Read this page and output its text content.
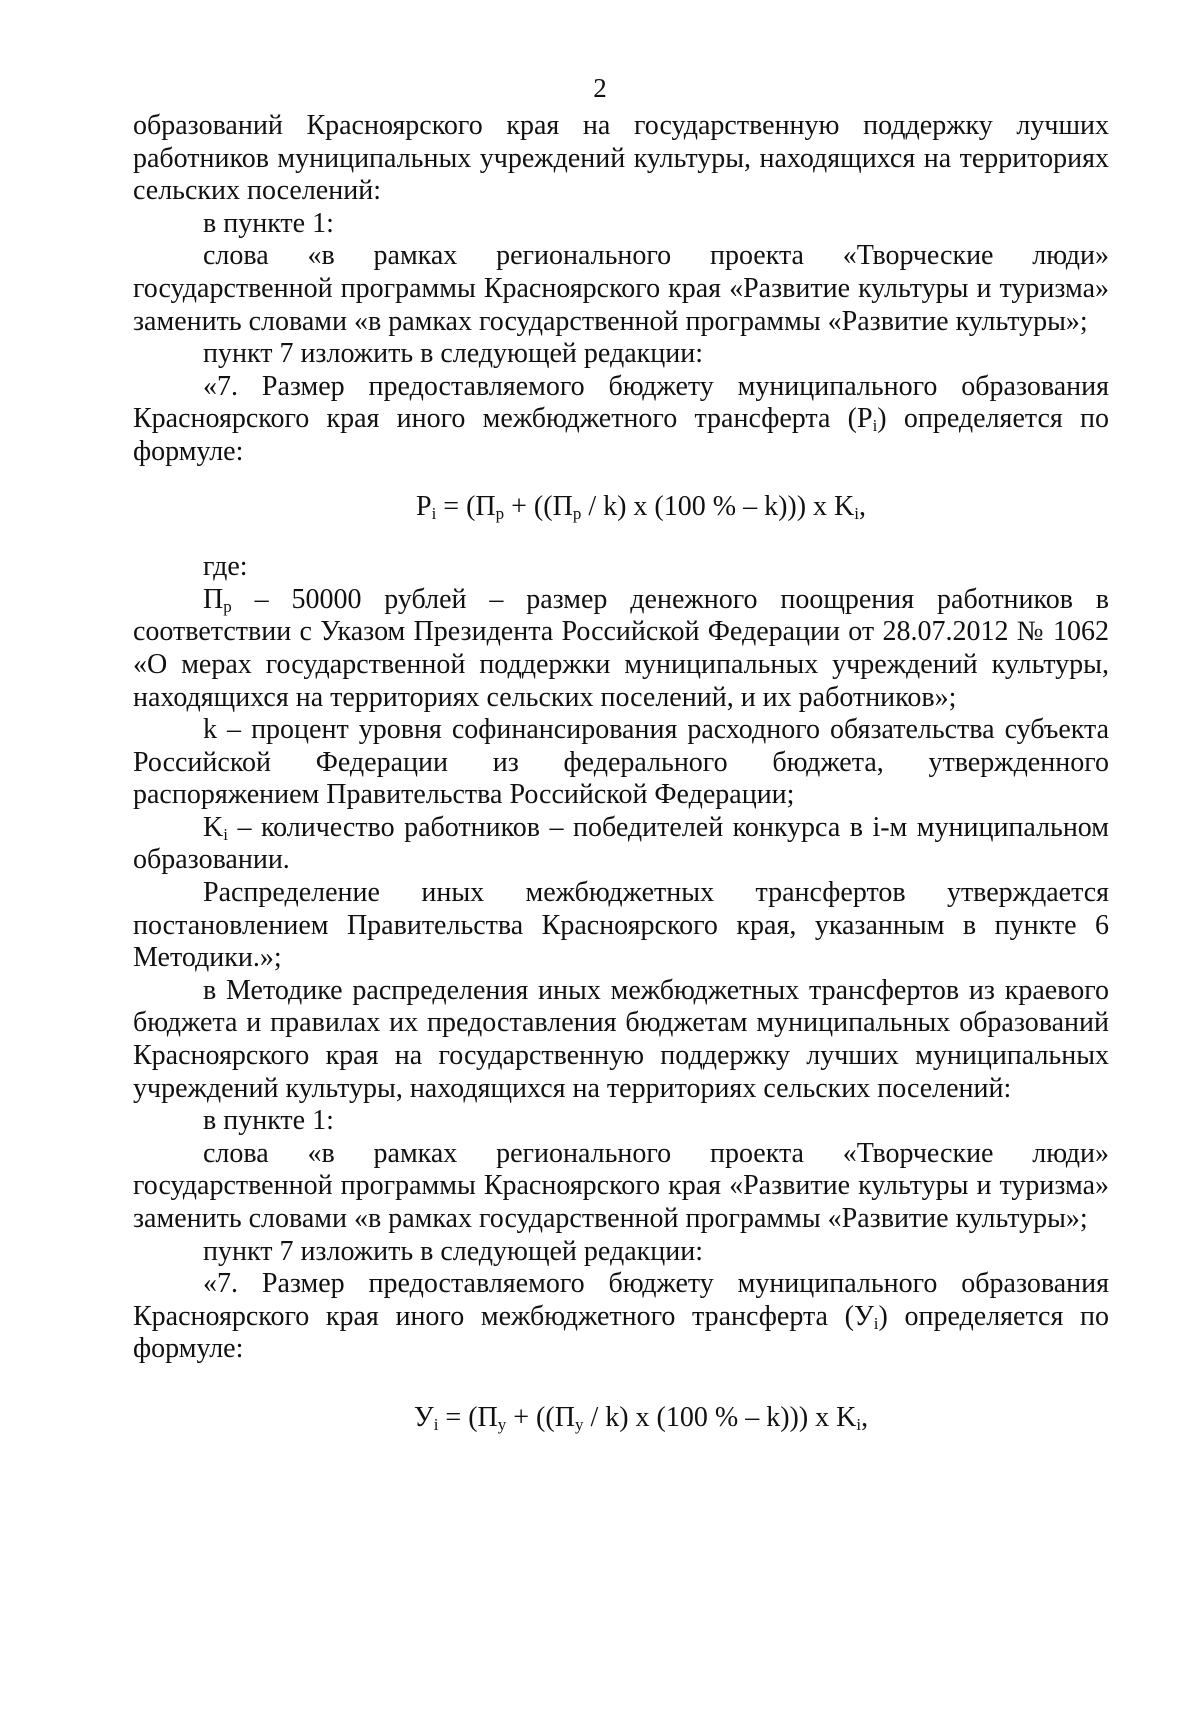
2

образований Красноярского края на государственную поддержку лучших работников муниципальных учреждений культуры, находящихся на территориях сельских поселений:

в пункте 1:

слова «в рамках регионального проекта «Творческие люди» государственной программы Красноярского края «Развитие культуры и туризма» заменить словами «в рамках государственной программы «Развитие культуры»;

пункт 7 изложить в следующей редакции:

«7. Размер предоставляемого бюджету муниципального образования Красноярского края иного межбюджетного трансферта $(P_i)$ определяется по формуле:

$P_i = (П_р + ((П_р / k)$ x (100 % – k))) x $K_i$,

где:

$П_р - 50000$ рублей – размер денежного поощрения работников в соответствии с Указом Президента Российской Федерации от 28.07.2012 № 1062 «О мерах государственной поддержки муниципальных учреждений культуры, находящихся на территориях сельских поселений, и их работников»;

k – процент уровня софинансирования расходного обязательства субъекта Российской Федерации из федерального бюджета, утвержденного распоряжением Правительства Российской Федерации;

$K_i$ – количество работников – победителей конкурса в i-м муниципальном образовании.

Распределение иных межбюджетных трансфертов утверждается постановлением Правительства Красноярского края, указанным в пункте 6 Методики.»;

в Методике распределения иных межбюджетных трансфертов из краевого бюджета и правилах их предоставления бюджетам муниципальных образований Красноярского края на государственную поддержку лучших муниципальных учреждений культуры, находящихся на территориях сельских поселений:

в пункте 1:

слова «в рамках регионального проекта «Творческие люди» государственной программы Красноярского края «Развитие культуры и туризма» заменить словами «в рамках государственной программы «Развитие культуры»;

пункт 7 изложить в следующей редакции:

«7. Размер предоставляемого бюджету муниципального образования Красноярского края иного межбюджетного трансферта $(У_i)$ определяется по формуле:

$У_i = (П_у + ((П_у / k)$ x (100 % – k))) x $K_i$,
